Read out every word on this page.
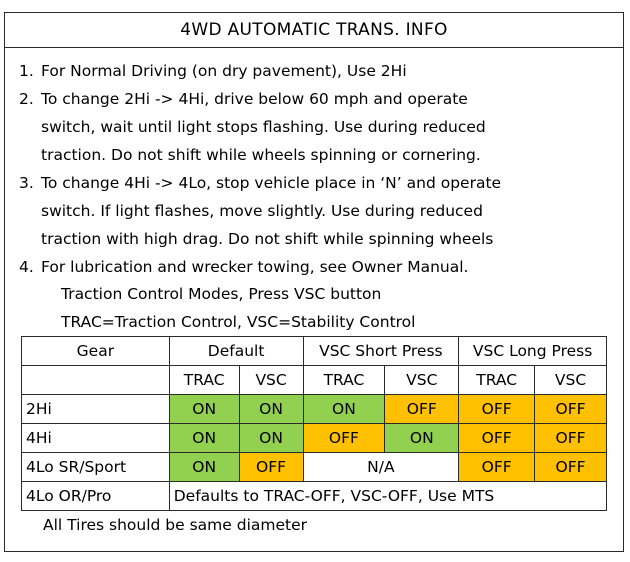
4WD AUTOMATIC TRANS. INFO
1. For Normal Driving (on dry pavement), Use 2Hi
2. To change 2Hi -> 4Hi, drive below 60 mph and operate
switch, wait until light stops flashing. Use during reduced
traction. Do not shift while wheels spinning or cornering.
3. To change 4Hi -> 4Lo, stop vehicle place in ‘N’ and operate
switch. If light flashes, move slightly. Use during reduced
traction with high drag. Do not shift while spinning wheels
4. For lubrication and wrecker towing, see Owner Manual.
Traction Control Modes, Press VSC button
TRAC=Traction Control, VSC=Stability Control
Gear	Default		VSC Short Press		VSC Long Press	
	TRAC	VSC	TRAC	VSC	TRAC	VSC
2Hi	ON	ON	ON	OFF	OFF	OFF
4Hi	ON	ON	OFF	ON	OFF	OFF
4Lo SR/Sport	ON	OFF	N/A		OFF	OFF
4Lo OR/Pro	Defaults to TRAC-OFF, VSC-OFF, Use MTS					
All Tires should be same diameter
